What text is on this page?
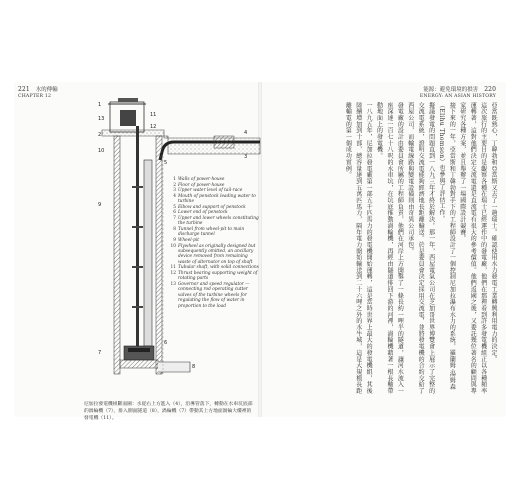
221 水的傳輸
CHAPTER 12
能源：避免環境的損害 220
ENERGY: AN ASIAN HISTORY
13
12
11
10
9
8
7
6
5
4
3
2
1
1 Walls of power-house
2 Floor of power-house
3 Upper water level of tail-race
4 Mouth of penstock leading water to turbine
5 Elbow and support of penstock
6 Lower end of penstock
7 Upper and lower wheels constituting the turbine
8 Tunnel from wheel-pit to main discharge tunnel
9 Wheel-pit
10 Flywheel as originally designed but subsequently omitted, an ancillary device removed from remaining waste of alternator on top of shaft
11 Tubular shaft, with solid connections
12 Thrust bearing supporting weight of rotating parts
13 Governor and speed regulator — connecting rod operating cutter valves of the turbine wheels for regulating the flow of water in proportion to the load
尼加拉發電機組斷面圖：水從右上方進入（4），沿導管落下，轉動在水車坑底部的渦輪機（7），排入側面隧道（8），渦輪機（7）帶動其上方地面渦輪大樓裡的發電機（11）。

亞當既熟心，丁韓勃和亞當斯又去了一趟瑞士。確認使用水力發電工業轉興利用電力的決定。

這次旅行的主要目的是觀察各種在瑞士已經運作中的發電廠，他們在那裡看到許多發電機組正以各種頻率運轉著，這對他們決定交流電還是直流電有很大的參考價值。他們返國之後，又委託幾位著名的顧問與專家研究各種方案，並且舉辦了一場國際設計競賽。

接下來的一年，亞當斯和丁韓勃對手下的工程師設計了一個控制尼加拉瀑布水力的系統，羅蘭姆·湯姆森（Elihu Thomson）也參與了評估工作。

擬議發電的問題直到一八九三年才終於解決。那一年，西屋電氣公司在芝加哥世界博覽會上展示了完整的交流電系統，證明交流電能夠經濟地長距離輸送。於是委員會決定採用交流電，並將發電機的合約交給了西屋公司，而輸電線路與變電設備則由奇異公司承包。

發電廠的設計由委員會所屬的工程師負責，他們在河岸上方開鑿了一條長約一哩半的隧道，讓河水流入一座深達一百七十八呎的水車坑，在坑底推動渦輪機，再經由隧道排回下游的河裡，渦輪機藉著一根長軸帶動地面上的發電機。

一八九五年，尼加拉發電廠第一部五千匹馬力的發電機開始運轉，這是當時世界上最大的發電機組，其後陸續增加到十部，總容量達到五萬匹馬力，隔年電力開始輸送到二十六哩之外的水牛城，這是大規模長距離輸電的第一個成功實例。
